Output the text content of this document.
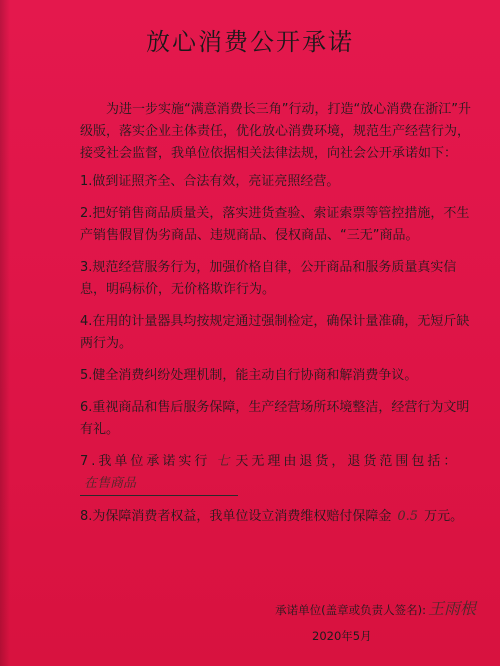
放心消费公开承诺

为进一步实施“满意消费长三角”行动，打造“放心消费在浙江”升级版，落实企业主体责任，优化放心消费环境，规范生产经营行为，接受社会监督，我单位依据相关法律法规，向社会公开承诺如下：

1.做到证照齐全、合法有效，亮证亮照经营。

2.把好销售商品质量关，落实进货查验、索证索票等管控措施，不生产销售假冒伪劣商品、违规商品、侵权商品、“三无”商品。

3.规范经营服务行为，加强价格自律，公开商品和服务质量真实信息，明码标价，无价格欺诈行为。

4.在用的计量器具均按规定通过强制检定，确保计量准确，无短斤缺两行为。

5.健全消费纠纷处理机制，能主动自行协商和解消费争议。

6.重视商品和售后服务保障，生产经营场所环境整洁，经营行为文明有礼。

7.我单位承诺实行 七 天无理由退货，退货范围包括：在售商品

8.为保障消费者权益，我单位设立消费维权赔付保障金 0.5 万元。

承诺单位(盖章或负责人签名): 王雨根
2020年5月
